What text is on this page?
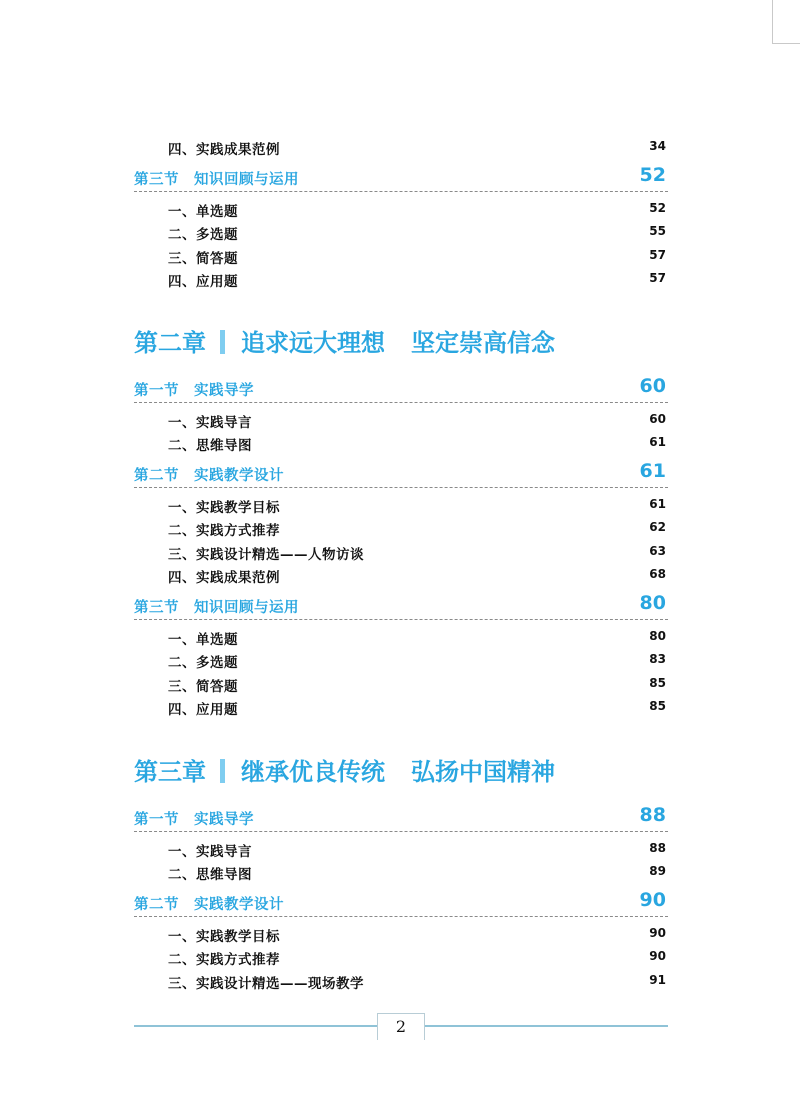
四、实践成果范例	34
第三节　知识回顾与运用	52
一、单选题	52
二、多选题	55
三、简答题	57
四、应用题	57
第二章 追求远大理想 坚定崇高信念
第一节　实践导学	60
一、实践导言	60
二、思维导图	61
第二节　实践教学设计	61
一、实践教学目标	61
二、实践方式推荐	62
三、实践设计精选——人物访谈	63
四、实践成果范例	68
第三节　知识回顾与运用	80
一、单选题	80
二、多选题	83
三、简答题	85
四、应用题	85
第三章 继承优良传统 弘扬中国精神
第一节　实践导学	88
一、实践导言	88
二、思维导图	89
第二节　实践教学设计	90
一、实践教学目标	90
二、实践方式推荐	90
三、实践设计精选——现场教学	91
2
